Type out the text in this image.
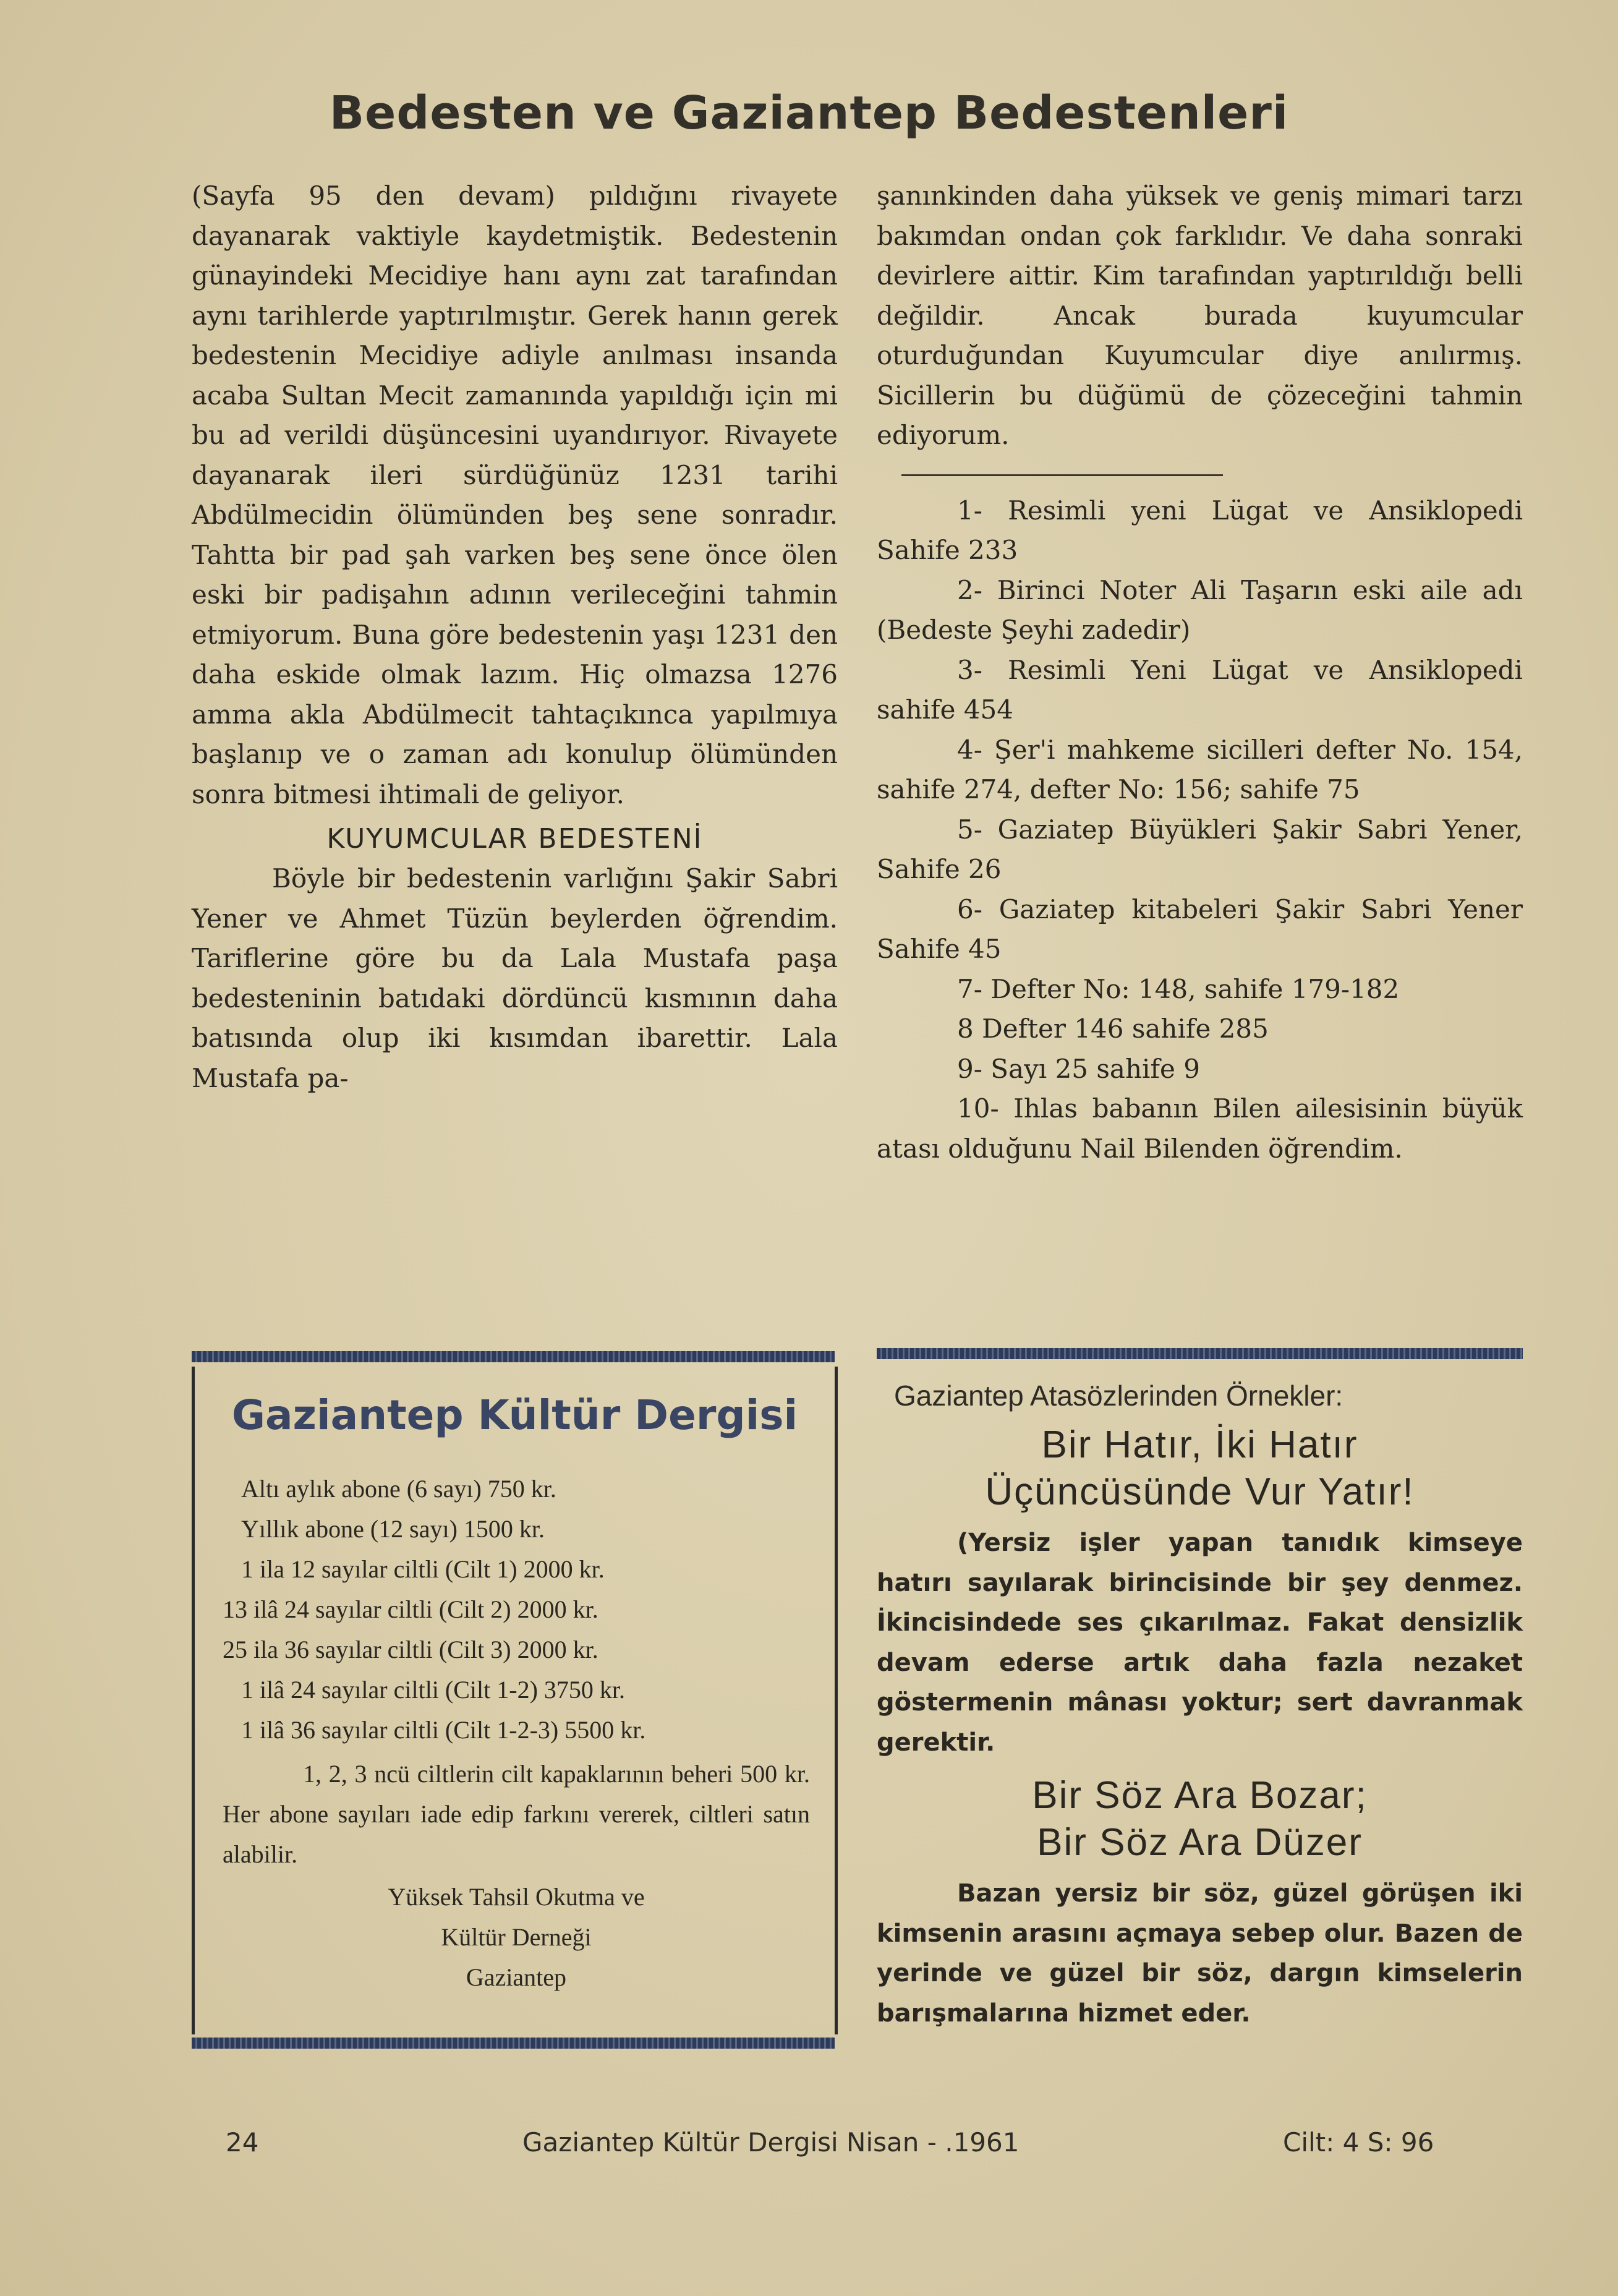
Bedesten ve Gaziantep Bedestenleri

(Sayfa 95 den devam) pıldığını rivayete dayanarak vaktiyle kaydetmiştik. Bedestenin günayindeki Mecidiye hanı aynı zat tarafından aynı tarihlerde yaptırılmıştır. Gerek hanın gerek bedestenin Mecidiye adiyle anılması insanda acaba Sultan Mecit zamanında yapıldığı için mi bu ad verildi düşüncesini uyandırıyor. Rivayete dayanarak ileri sürdüğünüz 1231 tarihi Abdülmecidin ölümünden beş sene sonradır. Tahtta bir pad şah varken beş sene önce ölen eski bir padişahın adının verileceğini tahmin etmiyorum. Buna göre bedestenin yaşı 1231 den daha eskide olmak lazım. Hiç olmazsa 1276 amma akla Abdülmecit tahtaçıkınca yapılmıya başlanıp ve o zaman adı konulup ölümünden sonra bitmesi ihtimali de geliyor.

KUYUMCULAR BEDESTENİ

Böyle bir bedestenin varlığını Şakir Sabri Yener ve Ahmet Tüzün beylerden öğrendim. Tariflerine göre bu da Lala Mustafa paşa bedesteninin batıdaki dördüncü kısmının daha batısında olup iki kısımdan ibarettir. Lala Mustafa pa-

şanınkinden daha yüksek ve geniş mimari tarzı bakımdan ondan çok farklıdır. Ve daha sonraki devirlere aittir. Kim tarafından yaptırıldığı belli değildir. Ancak burada kuyumcular oturduğundan Kuyumcular diye anılırmış. Sicillerin bu düğümü de çözeceğini tahmin ediyorum.

1- Resimli yeni Lügat ve Ansiklopedi Sahife 233

2- Birinci Noter Ali Taşarın eski aile adı (Bedeste Şeyhi zadedir)

3- Resimli Yeni Lügat ve Ansiklopedi sahife 454

4- Şer'i mahkeme sicilleri defter No. 154, sahife 274, defter No: 156; sahife 75

5- Gaziatep Büyükleri Şakir Sabri Yener, Sahife 26

6- Gaziatep kitabeleri Şakir Sabri Yener Sahife 45

7- Defter No: 148, sahife 179-182

8 Defter 146 sahife 285

9- Sayı 25 sahife 9

10- Ihlas babanın Bilen ailesisinin büyük atası olduğunu Nail Bilenden öğrendim.

Gaziantep Kültür Dergisi

Altı aylık abone (6 sayı) 750 kr.

Yıllık abone (12 sayı) 1500 kr.

1 ila 12 sayılar ciltli (Cilt 1) 2000 kr.

13 ilâ 24 sayılar ciltli (Cilt 2) 2000 kr.

25 ila 36 sayılar ciltli (Cilt 3) 2000 kr.

1 ilâ 24 sayılar ciltli (Cilt 1-2) 3750 kr.

1 ilâ 36 sayılar ciltli (Cilt 1-2-3) 5500 kr.

1, 2, 3 ncü ciltlerin cilt kapaklarının beheri 500 kr. Her abone sayıları iade edip farkını vererek, ciltleri satın alabilir.

Yüksek Tahsil Okutma ve

Kültür Derneği

Gaziantep

Gaziantep Atasözlerinden Örnekler:

Bir Hatır, İki Hatır

Üçüncüsünde Vur Yatır!

(Yersiz işler yapan tanıdık kimseye hatırı sayılarak birincisinde bir şey denmez. İkincisindede ses çıkarılmaz. Fakat densizlik devam ederse artık daha fazla nezaket göstermenin mânası yoktur; sert davranmak gerektir.

Bir Söz Ara Bozar;

Bir Söz Ara Düzer

Bazan yersiz bir söz, güzel görüşen iki kimsenin arasını açmaya sebep olur. Bazen de yerinde ve güzel bir söz, dargın kimselerin barışmalarına hizmet eder.

24	Gaziantep Kültür Dergisi Nisan - .1961	Cilt: 4 S: 96
